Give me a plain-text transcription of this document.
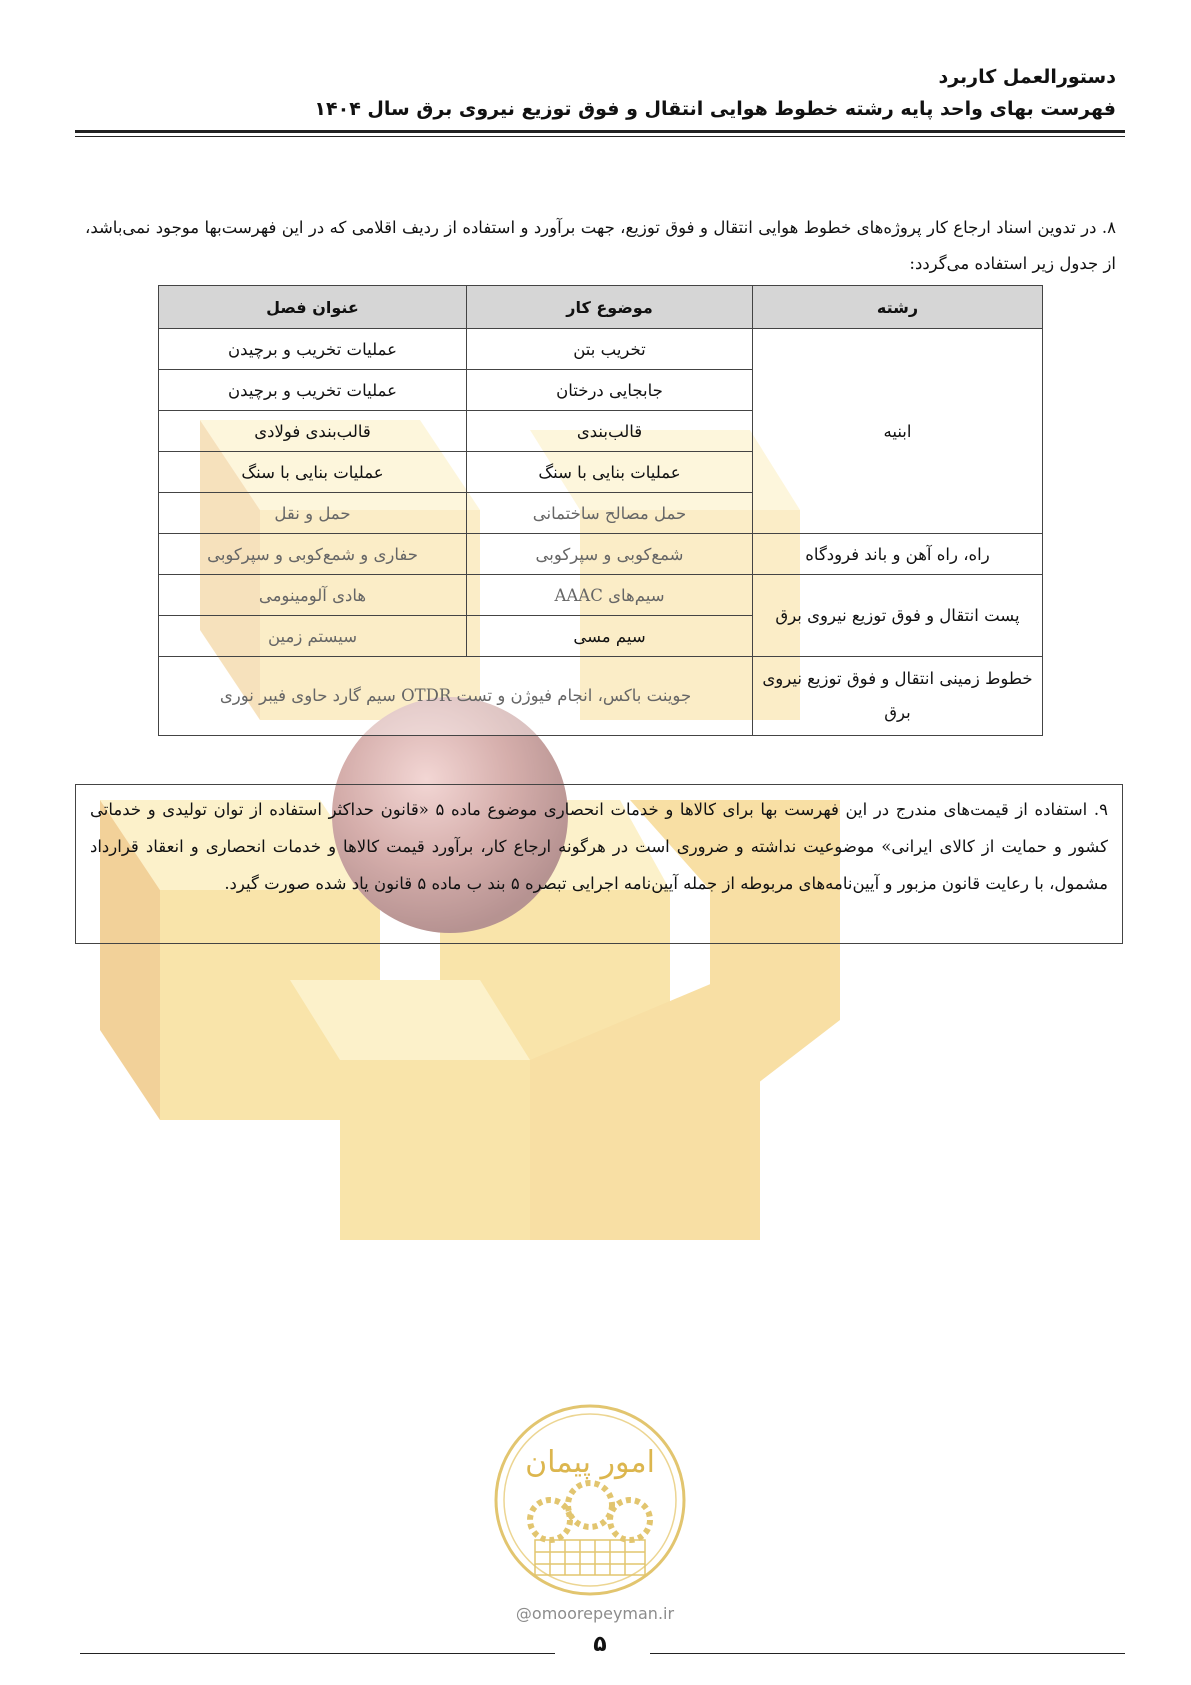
دستورالعمل کاربرد
فهرست بهای واحد پایه رشته خطوط هوایی انتقال و فوق توزیع نیروی برق سال ۱۴۰۴
۸. در تدوین اسناد ارجاع کار پروژه‌های خطوط هوایی انتقال و فوق توزیع، جهت برآورد و استفاده از ردیف اقلامی که در این فهرست‌بها موجود نمی‌باشد، از جدول زیر استفاده می‌گردد:
رشته	موضوع کار	عنوان فصل
ابنیه	تخریب بتن	عملیات تخریب و برچیدن
	جابجایی درختان	عملیات تخریب و برچیدن
	قالب‌بندی	قالب‌بندی فولادی
	عملیات بنایی با سنگ	عملیات بنایی با سنگ
	حمل مصالح ساختمانی	حمل و نقل
راه، راه آهن و باند فرودگاه	شمع‌کوبی و سپرکوبی	حفاری و شمع‌کوبی و سپرکوبی
پست انتقال و فوق توزیع نیروی برق	سیم‌های AAAC	هادی آلومینومی
	سیم مسی	سیستم زمین
خطوط زمینی انتقال و فوق توزیع نیروی برق	جوینت باکس، انجام فیوژن و تست OTDR سیم گارد حاوی فیبر نوری	
۹. استفاده از قیمت‌های مندرج در این فهرست بها برای کالاها و خدمات انحصاری موضوع ماده ۵ «قانون حداکثر استفاده از توان تولیدی و خدماتی کشور و حمایت از کالای ایرانی» موضوعیت نداشته و ضروری است در هرگونه ارجاع کار، برآورد قیمت کالاها و خدمات انحصاری و انعقاد قرارداد مشمول، با رعایت قانون مزبور و آیین‌نامه‌های مربوطه از جمله آیین‌نامه اجرایی تبصره ۵ بند ب ماده ۵ قانون یاد شده صورت گیرد.
امور پیمان
@omoorepeyman.ir
۵
